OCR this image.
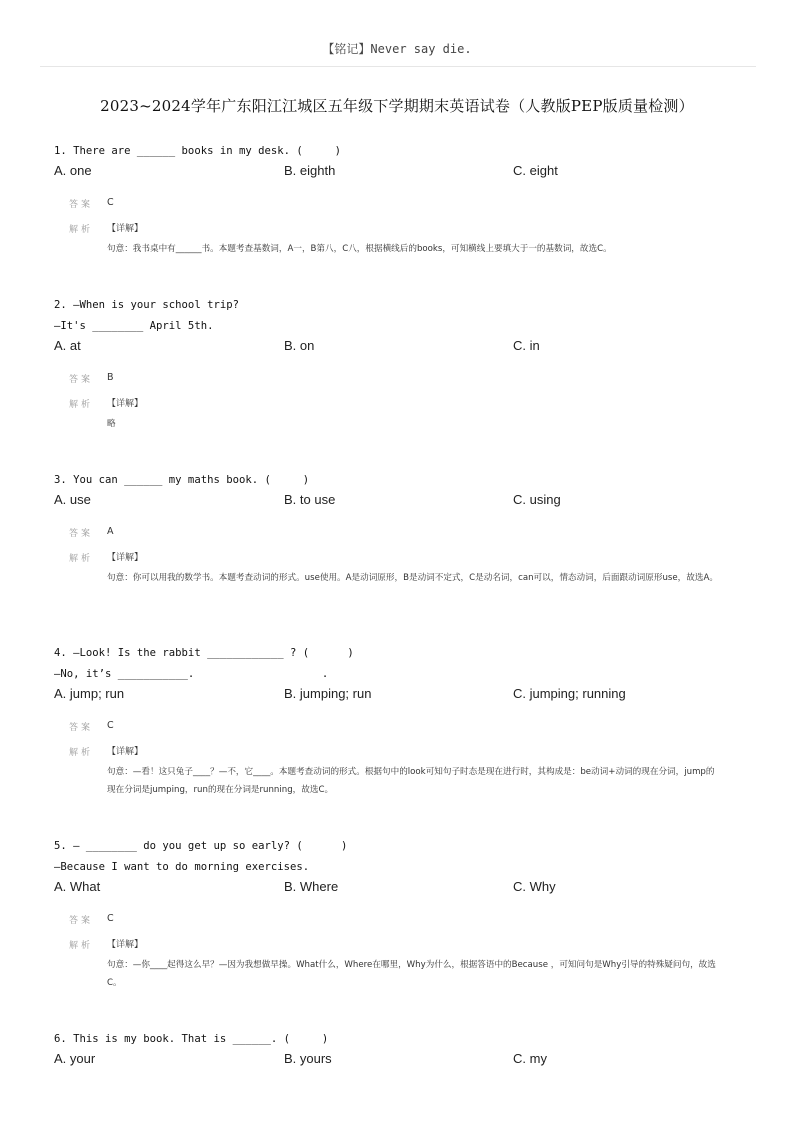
【铭记】Never say die.
2023~2024学年广东阳江江城区五年级下学期期末英语试卷（人教版PEP版质量检测）
1. There are ______ books in my desk. (     )
A. one	B. eighth	C. eight
答案 C
解析 【详解】
句意：我书桌中有______书。本题考查基数词，A一，B第八，C八，根据横线后的books，可知横线上要填大于一的基数词，故选C。
2. —When is your school trip?
—It's ________ April 5th.
A. at	B. on	C. in
答案 B
解析 【详解】
略
3. You can ______ my maths book. (     )
A. use	B. to use	C. using
答案 A
解析 【详解】
句意：你可以用我的数学书。本题考查动词的形式。use使用。A是动词原形，B是动词不定式，C是动名词，can可以，情态动词，后面跟动词原形use，故选A。
4. —Look! Is the rabbit ____________ ? (      )
—No, it’s ___________.                    .
A. jump; run	B. jumping; run	C. jumping; running
答案 C
解析 【详解】
句意：—看！这只兔子____？—不，它____。本题考查动词的形式。根据句中的look可知句子时态是现在进行时，其构成是：be动词+动词的现在分词，jump的现在分词是jumping，run的现在分词是running，故选C。
5. — ________ do you get up so early? (      )
—Because I want to do morning exercises.
A. What	B. Where	C. Why
答案 C
解析 【详解】
句意：—你____起得这么早？—因为我想做早操。What什么，Where在哪里，Why为什么，根据答语中的Because ，可知问句是Why引导的特殊疑问句，故选C。
6. This is my book. That is ______. (     )
A. your	B. yours	C. my
